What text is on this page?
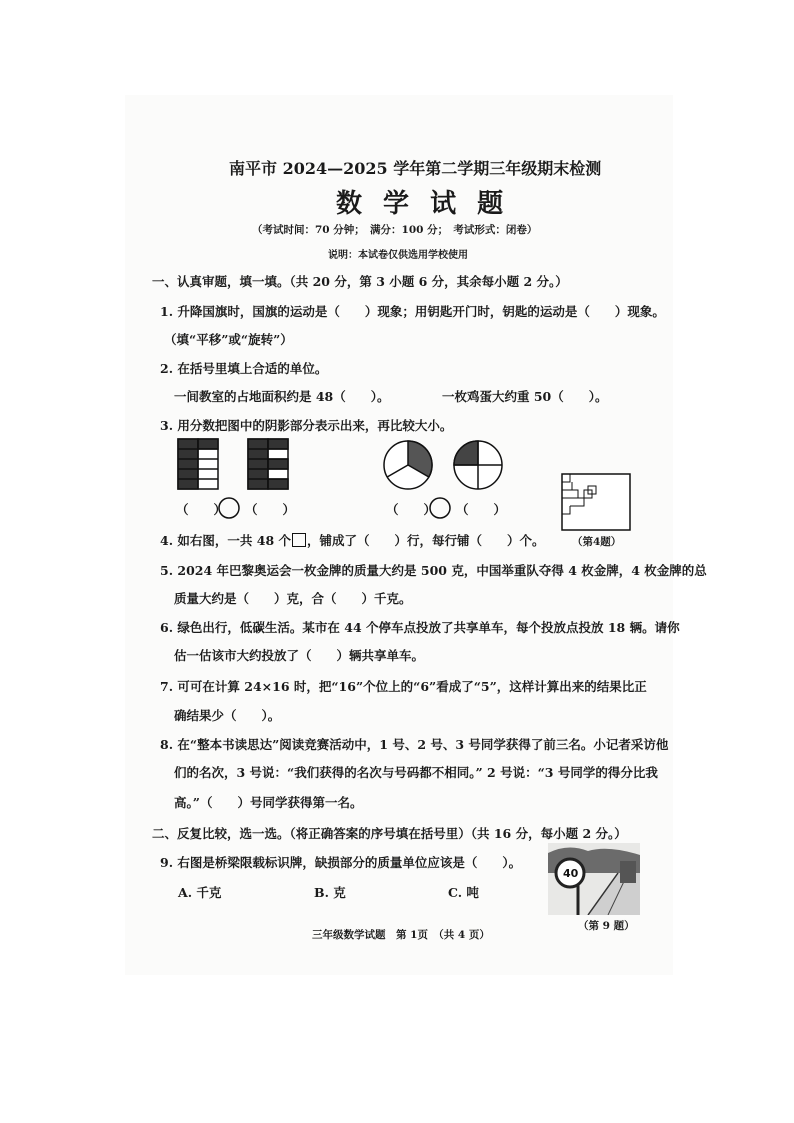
南平市 2024—2025 学年第二学期三年级期末检测
数 学 试 题
（考试时间：70 分钟；　满分：100 分；　考试形式：闭卷）
说明：本试卷仅供选用学校使用
一、认真审题，填一填。（共 20 分，第 3 小题 6 分，其余每小题 2 分。）
1. 升降国旗时，国旗的运动是（　　）现象；用钥匙开门时，钥匙的运动是（　　）现象。
（填“平移”或“旋转”）
2. 在括号里填上合适的单位。
一间教室的占地面积约是 48（　　）。	一枚鸡蛋大约重 50（　　）。
3. 用分数把图中的阴影部分表示出来，再比较大小。
（　　） （　　）	（　　） （　　）
4. 如右图，一共 48 个 ，铺成了（　　）行，每行铺（　　）个。	（第4题）
5. 2024 年巴黎奥运会一枚金牌的质量大约是 500 克，中国举重队夺得 4 枚金牌，4 枚金牌的总
质量大约是（　　）克，合（　　）千克。
6. 绿色出行，低碳生活。某市在 44 个停车点投放了共享单车，每个投放点投放 18 辆。请你
估一估该市大约投放了（　　）辆共享单车。
7. 可可在计算 24×16 时，把“16”个位上的“6”看成了“5”，这样计算出来的结果比正
确结果少（　　）。
8. 在“整本书读思达”阅读竞赛活动中，1 号、2 号、3 号同学获得了前三名。小记者采访他
们的名次，3 号说：“我们获得的名次与号码都不相同。” 2 号说：“3 号同学的得分比我
高。”（　　）号同学获得第一名。
二、反复比较，选一选。（将正确答案的序号填在括号里）（共 16 分，每小题 2 分。）
9. 右图是桥梁限载标识牌，缺损部分的质量单位应该是（　　）。
A. 千克	B. 克	C. 吨
40
（第 9 题）
三年级数学试题　第 1页　（共 4 页）
